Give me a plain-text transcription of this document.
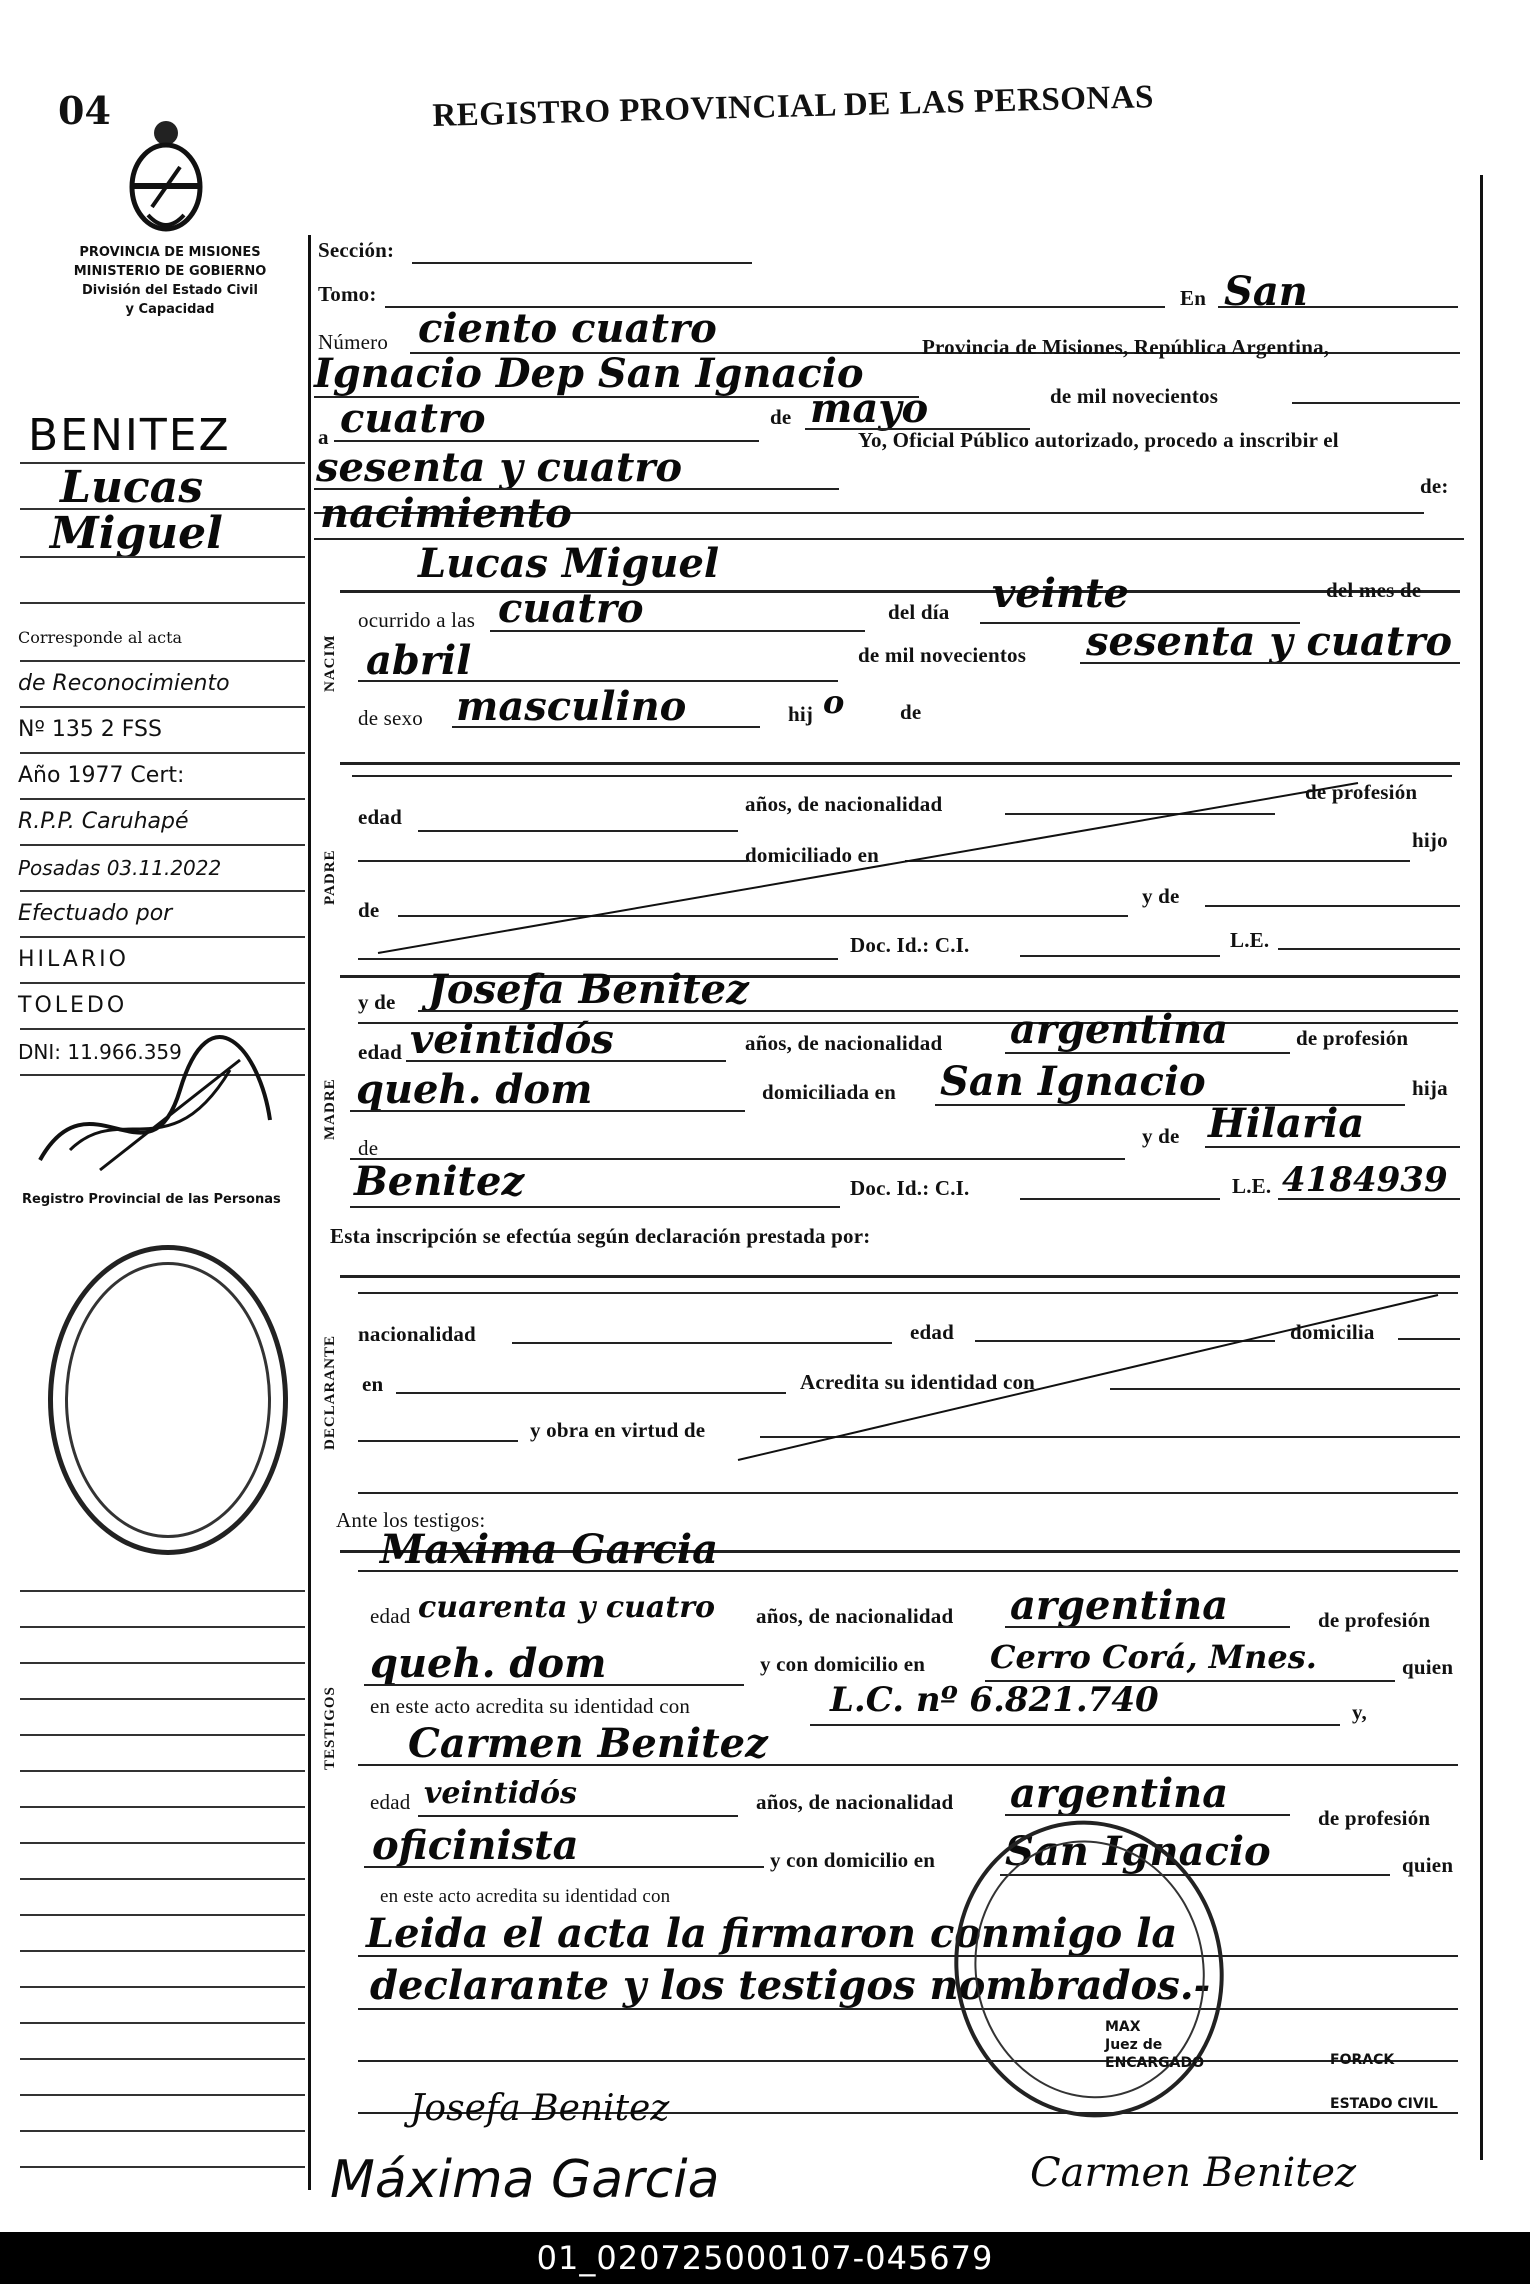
04	REGISTRO PROVINCIAL DE LAS PERSONAS
PROVINCIA DE MISIONES
MINISTERIO DE GOBIERNO
División del Estado Civil
y Capacidad
BENITEZ
Lucas
Miguel
Corresponde al acta
de Reconocimiento
Nº 135 2 FSS
Año 1977 Cert:
R.P.P. Caruhapé
Posadas 03.11.2022
Efectuado por
HILARIO
TOLEDO
DNI: 11.966.359
Registro Provincial de las Personas
Sección:
Tomo:	En San
Número ciento cuatro
Ignacio Dep San Ignacio
Provincia de Misiones, República Argentina,
a cuatro	de mayo	de mil novecientos
sesenta y cuatro
Yo, Oficial Público autorizado, procedo a inscribir el
de:
nacimiento
NACIM
Lucas Miguel
ocurrido a las cuatro	del día veinte	del mes de
abril	de mil novecientos sesenta y cuatro
de sexo masculino	hij o	de
PADRE
edad
años, de nacionalidad	de profesión
domiciliado en
hijo
de
y de
Doc. Id.: C.I.	L.E.
MADRE
y de Josefa Benitez
edad veintidós	años, de nacionalidad argentina	de profesión
queh. dom	domiciliada en San Ignacio	hija
de	y de Hilaria
Benitez	Doc. Id.: C.I.	L.E. 4184939
Esta inscripción se efectúa según declaración prestada por:
DECLARANTE
nacionalidad	edad	domicilia
en	Acredita su identidad con
y obra en virtud de
Ante los testigos:
TESTIGOS
Maxima Garcia
edad cuarenta y cuatro años, de nacionalidad argentina	de profesión
queh. dom	y con domicilio en Cerro Corá, Mnes.	quien
en este acto acredita su identidad con	L.C. nº 6.821.740	y,
Carmen Benitez
edad veintidós	años, de nacionalidad argentina
de profesión
oficinista	y con domicilio en San Ignacio	quien
en este acto acredita su identidad con
Leida el acta la firmaron conmigo la
declarante y los testigos nombrados.-
MAX
Juez de
ENCARGADO	FORACK
ESTADO CIVIL
Josefa Benitez
Máxima Garcia	Carmen Benitez
01_020725000107-045679
